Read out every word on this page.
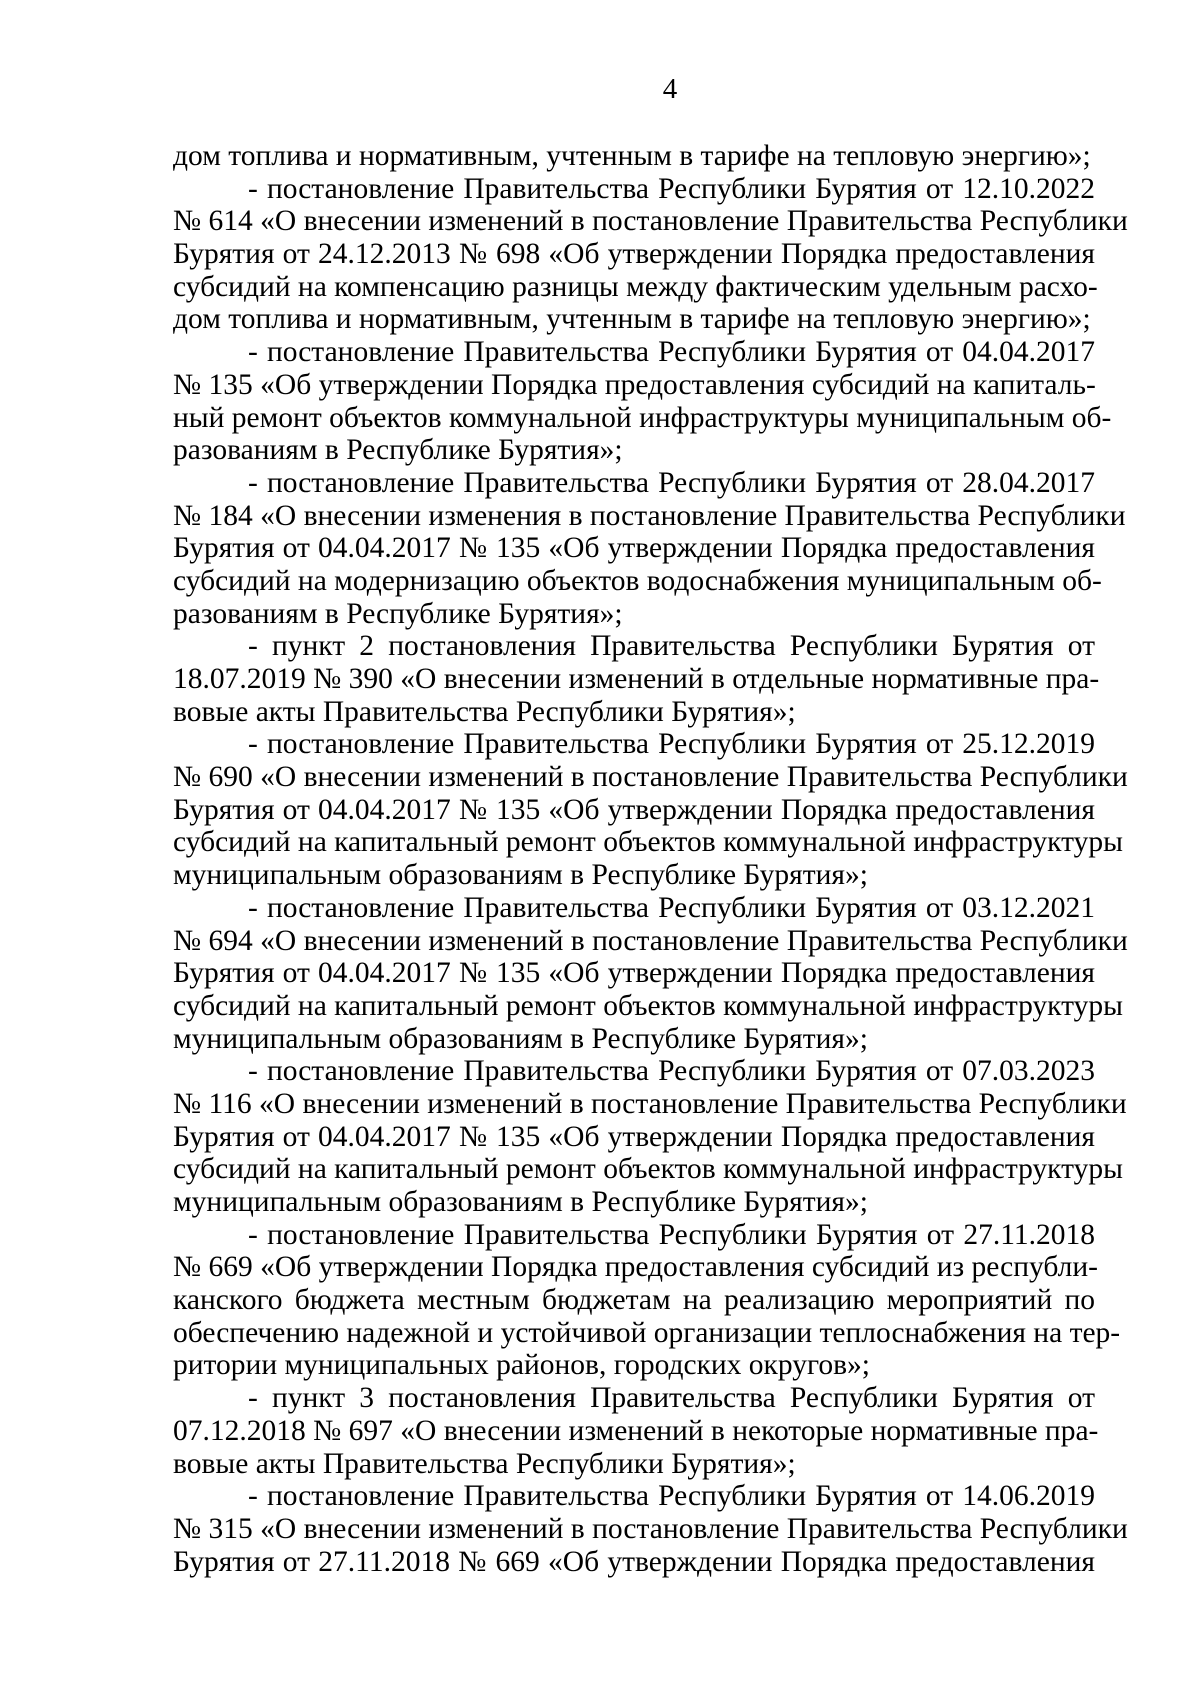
4
дом топлива и нормативным, учтенным в тарифе на тепловую энергию»;
- постановление Правительства Республики Бурятия от 12.10.2022
№ 614 «О внесении изменений в постановление Правительства Республики
Бурятия от 24.12.2013 № 698 «Об утверждении Порядка предоставления
субсидий на компенсацию разницы между фактическим удельным расхо-
дом топлива и нормативным, учтенным в тарифе на тепловую энергию»;
- постановление Правительства Республики Бурятия от 04.04.2017
№ 135 «Об утверждении Порядка предоставления субсидий на капиталь-
ный ремонт объектов коммунальной инфраструктуры муниципальным об-
разованиям в Республике Бурятия»;
- постановление Правительства Республики Бурятия от 28.04.2017
№ 184 «О внесении изменения в постановление Правительства Республики
Бурятия от 04.04.2017 № 135 «Об утверждении Порядка предоставления
субсидий на модернизацию объектов водоснабжения муниципальным об-
разованиям в Республике Бурятия»;
- пункт 2 постановления Правительства Республики Бурятия от
18.07.2019 № 390 «О внесении изменений в отдельные нормативные пра-
вовые акты Правительства Республики Бурятия»;
- постановление Правительства Республики Бурятия от 25.12.2019
№ 690 «О внесении изменений в постановление Правительства Республики
Бурятия от 04.04.2017 № 135 «Об утверждении Порядка предоставления
субсидий на капитальный ремонт объектов коммунальной инфраструктуры
муниципальным образованиям в Республике Бурятия»;
- постановление Правительства Республики Бурятия от 03.12.2021
№ 694 «О внесении изменений в постановление Правительства Республики
Бурятия от 04.04.2017 № 135 «Об утверждении Порядка предоставления
субсидий на капитальный ремонт объектов коммунальной инфраструктуры
муниципальным образованиям в Республике Бурятия»;
- постановление Правительства Республики Бурятия от 07.03.2023
№ 116 «О внесении изменений в постановление Правительства Республики
Бурятия от 04.04.2017 № 135 «Об утверждении Порядка предоставления
субсидий на капитальный ремонт объектов коммунальной инфраструктуры
муниципальным образованиям в Республике Бурятия»;
- постановление Правительства Республики Бурятия от 27.11.2018
№ 669 «Об утверждении Порядка предоставления субсидий из республи-
канского бюджета местным бюджетам на реализацию мероприятий по
обеспечению надежной и устойчивой организации теплоснабжения на тер-
ритории муниципальных районов, городских округов»;
- пункт 3 постановления Правительства Республики Бурятия от
07.12.2018 № 697 «О внесении изменений в некоторые нормативные пра-
вовые акты Правительства Республики Бурятия»;
- постановление Правительства Республики Бурятия от 14.06.2019
№ 315 «О внесении изменений в постановление Правительства Республики
Бурятия от 27.11.2018 № 669 «Об утверждении Порядка предоставления
